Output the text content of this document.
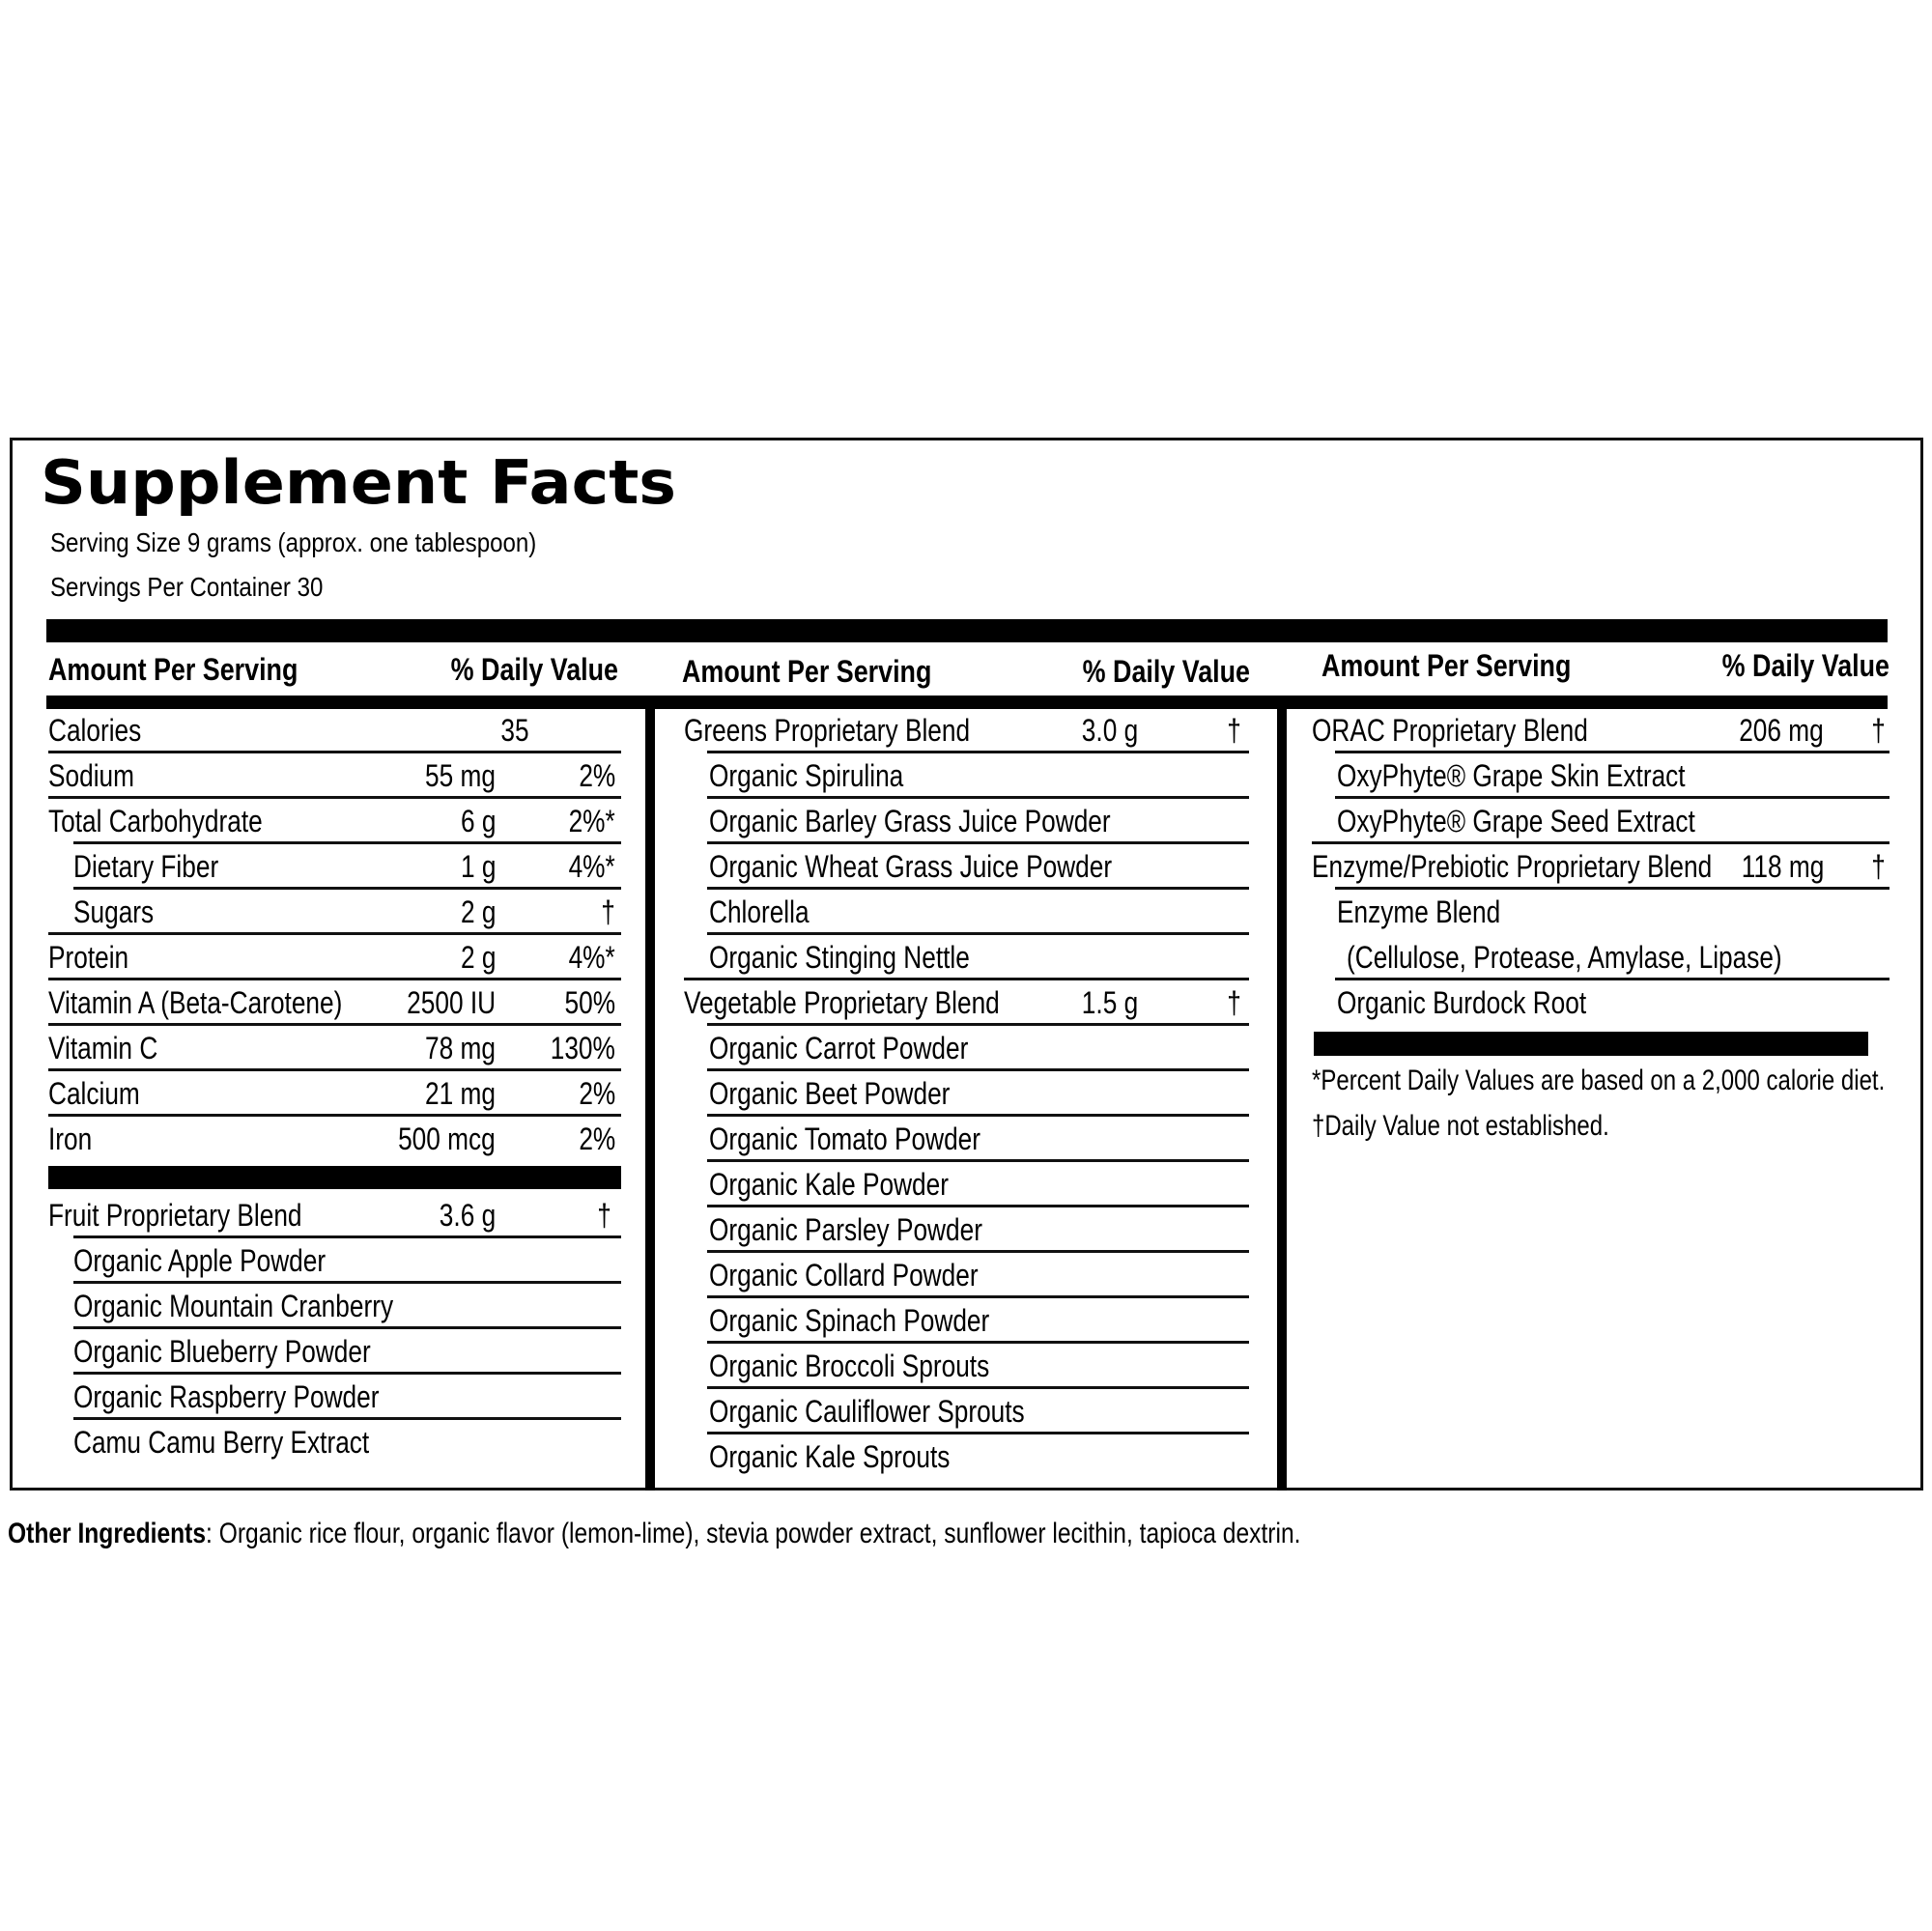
Supplement Facts
Serving Size 9 grams (approx. one tablespoon)
Servings Per Container 30
Amount Per Serving	% Daily Value Amount Per Serving	% Daily Value Amount Per Serving	% Daily Value
Calories	35
Sodium	55 mg	2%
Total Carbohydrate	6 g 2%*
Dietary Fiber	1 g 4%*
Sugars	2 g	†
Protein	2 g 4%*
Vitamin A (Beta-Carotene) 2500 IU 50%
Vitamin C	78 mg 130%
Calcium	21 mg	2%
Iron	500 mcg	2%
Fruit Proprietary Blend	3.6 g	†
Organic Apple Powder
Organic Mountain Cranberry
Organic Blueberry Powder
Organic Raspberry Powder
Camu Camu Berry Extract
Greens Proprietary Blend	3.0 g	†
Organic Spirulina
Organic Barley Grass Juice Powder
Organic Wheat Grass Juice Powder
Chlorella
Organic Stinging Nettle
Vegetable Proprietary Blend	1.5 g	†
Organic Carrot Powder
Organic Beet Powder
Organic Tomato Powder
Organic Kale Powder
Organic Parsley Powder
Organic Collard Powder
Organic Spinach Powder
Organic Broccoli Sprouts
Organic Cauliflower Sprouts
Organic Kale Sprouts
ORAC Proprietary Blend	206 mg †
OxyPhyte® Grape Skin Extract
OxyPhyte® Grape Seed Extract
Enzyme/Prebiotic Proprietary Blend 118 mg †
Enzyme Blend
(Cellulose, Protease, Amylase, Lipase)
Organic Burdock Root
*Percent Daily Values are based on a 2,000 calorie diet.
†Daily Value not established.
Other Ingredients: Organic rice flour, organic flavor (lemon-lime), stevia powder extract, sunflower lecithin, tapioca dextrin.
